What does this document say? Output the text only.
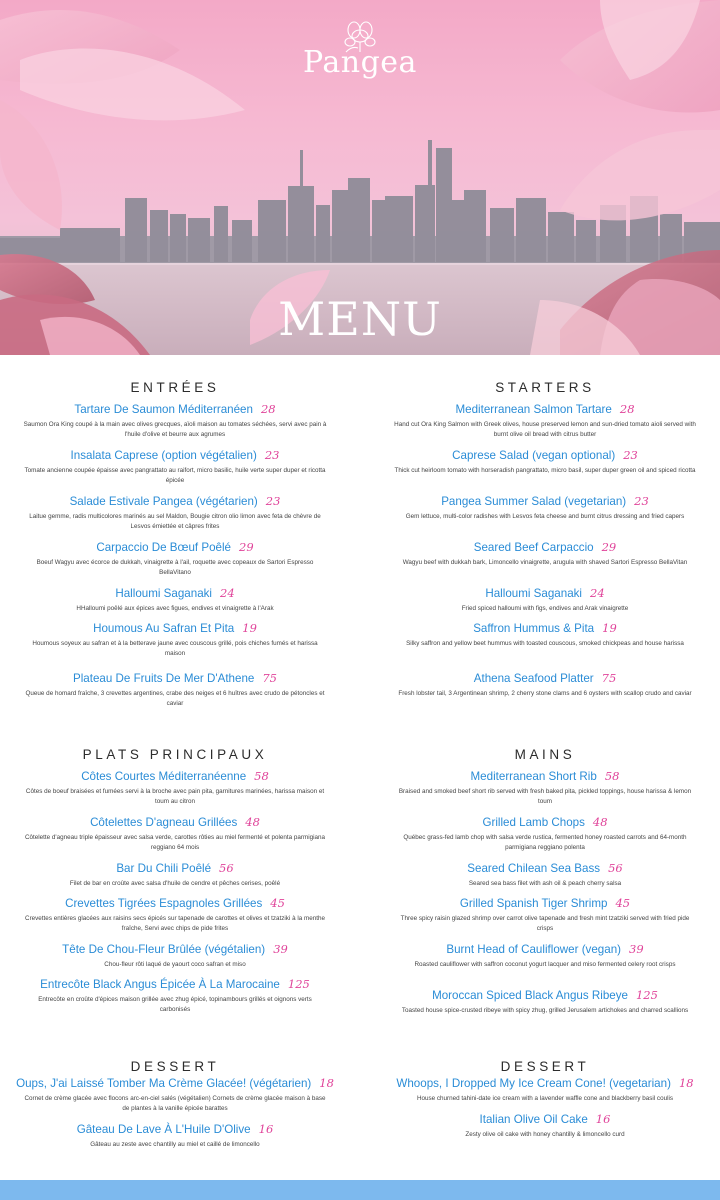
Pangea
MENU
ENTRÉES	STARTERS
Tartare De Saumon Méditerranéen 28
Saumon Ora King coupé à la main avec olives grecques, aïoli maison au tomates séchées, servi avec pain à l'huile d'olive et beurre aux agrumes
Insalata Caprese (option végétalien) 23
Tomate ancienne coupée épaisse avec pangrattato au raifort, micro basilic, huile verte super duper et ricotta épicée
Salade Estivale Pangea (végétarien) 23
Laitue gemme, radis multicolores marinés au sel Maldon, Bougie citron olio limon avec feta de chèvre de Lesvos émiettée et câpres frites
Carpaccio De Bœuf Poêlé 29
Boeuf Wagyu avec écorce de dukkah, vinaigrette à l'ail, roquette avec copeaux de Sartori Espresso BellaVitano
Halloumi Saganaki 24
HHalloumi poêlé aux épices avec figues, endives et vinaigrette à l'Arak
Houmous Au Safran Et Pita 19
Houmous soyeux au safran et à la betterave jaune avec couscous grillé, pois chiches fumés et harissa maison
Plateau De Fruits De Mer D'Athene 75
Queue de homard fraîche, 3 crevettes argentines, crabe des neiges et 6 huîtres avec crudo de pétoncles et caviar
Mediterranean Salmon Tartare 28
Hand cut Ora King Salmon with Greek olives, house preserved lemon and sun-dried tomato aioli served with burnt olive oil bread with citrus butter
Caprese Salad (vegan optional) 23
Thick cut heirloom tomato with horseradish pangrattato, micro basil, super duper green oil and spiced ricotta
Pangea Summer Salad (vegetarian) 23
Gem lettuce, multi-color radishes with Lesvos feta cheese and burnt citrus dressing and fried capers
Seared Beef Carpaccio 29
Wagyu beef with dukkah bark, Limoncello vinaigrette, arugula with shaved Sartori Espresso BellaVitan
Halloumi Saganaki 24
Fried spiced halloumi with figs, endives and Arak vinaigrette
Saffron Hummus & Pita 19
Silky saffron and yellow beet hummus with toasted couscous, smoked chickpeas and house harissa
Athena Seafood Platter 75
Fresh lobster tail, 3 Argentinean shrimp, 2 cherry stone clams and 6 oysters with scallop crudo and caviar
PLATS PRINCIPAUX	MAINS
Côtes Courtes Méditerranéenne 58
Côtes de boeuf braisées et fumées servi à la broche avec pain pita, garnitures marinées, harissa maison et toum au citron
Côtelettes D'agneau Grillées 48
Côtelette d'agneau triple épaisseur avec salsa verde, carottes rôties au miel fermenté et polenta parmigiana reggiano 64 mois
Bar Du Chili Poêlé 56
Filet de bar en croûte avec salsa d'huile de cendre et pêches cerises, poêlé
Crevettes Tigrées Espagnoles Grillées 45
Crevettes entières glacées aux raisins secs épicés sur tapenade de carottes et olives et tzatziki à la menthe fraîche, Servi avec chips de pide frites
Tête De Chou-Fleur Brûlée (végétalien) 39
Chou-fleur rôti laqué de yaourt coco safran et miso
Entrecôte Black Angus Épicée À La Marocaine 125
Entrecôte en croûte d'épices maison grillée avec zhug épicé, topinambours grillés et oignons verts carbonisés
Mediterranean Short Rib 58
Braised and smoked beef short rib served with fresh baked pita, pickled toppings, house harissa & lemon toum
Grilled Lamb Chops 48
Québec grass-fed lamb chop with salsa verde rustica, fermented honey roasted carrots and 64-month parmigiana reggiano polenta
Seared Chilean Sea Bass 56
Seared sea bass filet with ash oil & peach cherry salsa
Grilled Spanish Tiger Shrimp 45
Three spicy raisin glazed shrimp over carrot olive tapenade and fresh mint tzatziki served with fried pide crisps
Burnt Head of Cauliflower (vegan) 39
Roasted cauliflower with saffron coconut yogurt lacquer and miso fermented celery root crisps
Moroccan Spiced Black Angus Ribeye 125
Toasted house spice-crusted ribeye with spicy zhug, grilled Jerusalem artichokes and charred scallions
DESSERT	DESSERT
Oups, J'ai Laissé Tomber Ma Crème Glacée! (végétarien) 18
Cornet de crème glacée avec flocons arc-en-ciel salés (végétalien) Cornets de crème glacée maison à base de plantes à la vanille épicée barattes
Gâteau De Lave À L'Huile D'Olive 16
Gâteau au zeste avec chantilly au miel et caillé de limoncello
Whoops, I Dropped My Ice Cream Cone! (vegetarian) 18
House churned tahini-date ice cream with a lavender waffle cone and blackberry basil coulis
Italian Olive Oil Cake 16
Zesty olive oil cake with honey chantilly & limoncello curd
